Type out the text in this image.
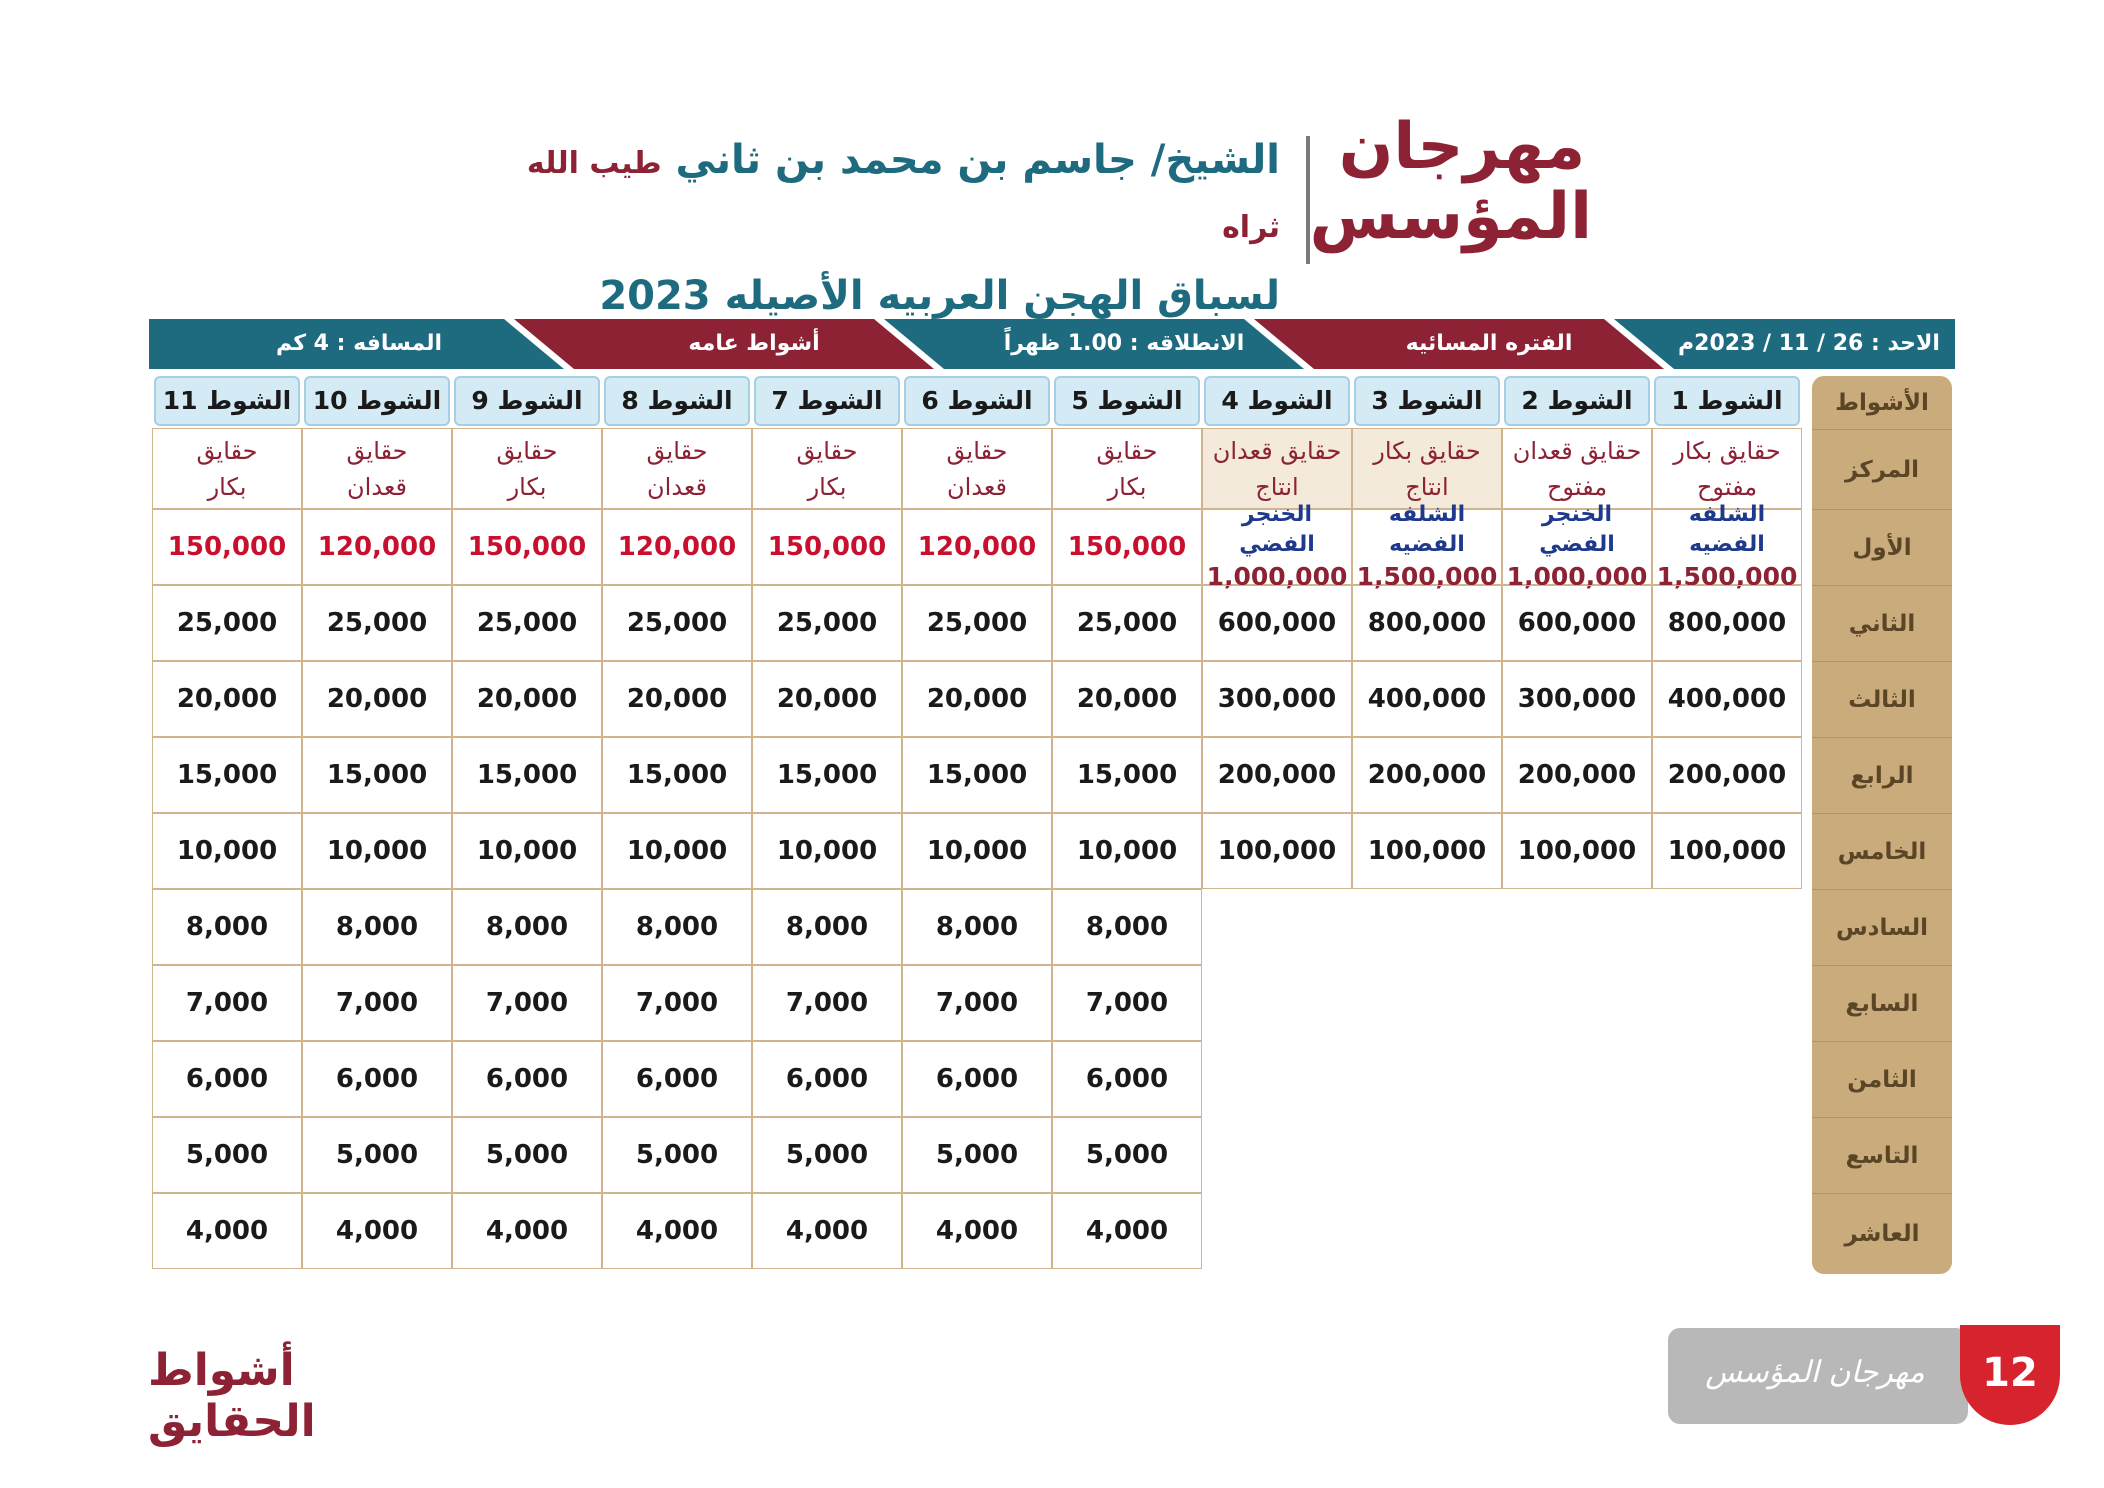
مهرجان
المؤسس
الشيخ/ جاسم بن محمد بن ثاني طيب الله ثراه
لسباق الهجن العربيه الأصيله 2023
الاحد : 26 / 11 / 2023م
الفتره المسائيه
الانطلاقه : 1.00 ظهراً
أشواط عامه
المسافه : 4 كم
الأشواط
المركز
الأول
الثاني
الثالث
الرابع
الخامس
السادس
السابع
الثامن
التاسع
العاشر
الشوط 1
حقايق بكار
مفتوح
الشلفه الفضيه
1,500,000
800,000
400,000
200,000
100,000
الشوط 2
حقايق قعدان
مفتوح
الخنجر الفضي
1,000,000
600,000
300,000
200,000
100,000
الشوط 3
حقايق بكار
انتاج
الشلفه الفضيه
1,500,000
800,000
400,000
200,000
100,000
الشوط 4
حقايق قعدان
انتاج
الخنجر الفضي
1,000,000
600,000
300,000
200,000
100,000
الشوط 5
حقايق
بكار
150,000
25,000
20,000
15,000
10,000
8,000
7,000
6,000
5,000
4,000
الشوط 6
حقايق
قعدان
120,000
25,000
20,000
15,000
10,000
8,000
7,000
6,000
5,000
4,000
الشوط 7
حقايق
بكار
150,000
25,000
20,000
15,000
10,000
8,000
7,000
6,000
5,000
4,000
الشوط 8
حقايق
قعدان
120,000
25,000
20,000
15,000
10,000
8,000
7,000
6,000
5,000
4,000
الشوط 9
حقايق
بكار
150,000
25,000
20,000
15,000
10,000
8,000
7,000
6,000
5,000
4,000
الشوط 10
حقايق
قعدان
120,000
25,000
20,000
15,000
10,000
8,000
7,000
6,000
5,000
4,000
الشوط 11
حقايق
بكار
150,000
25,000
20,000
15,000
10,000
8,000
7,000
6,000
5,000
4,000
أشواط الحقايق
مهرجان المؤسس	12
